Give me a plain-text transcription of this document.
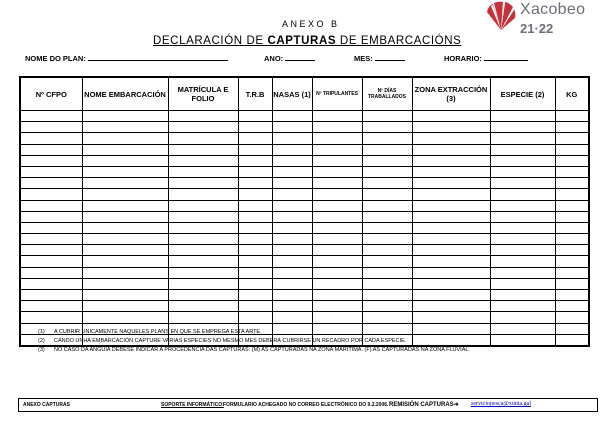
ANEXO B
DECLARACIÓN DE CAPTURAS DE EMBARCACIÓNS
Xacobeo
21·22
NOME DO PLAN:	ANO:	MES:	HORARIO:
Nº CFPO	NOME EMBARCACIÓN	MATRÍCULA E FOLIO	T.R.B	NASAS (1)	Nº TRIPULANTES	Nº DÍAS TRABALLADOS	ZONA EXTRACCIÓN (3)	ESPECIE (2)	KG

(1) A CUBRIR UNICAMENTE NAQUELES PLANS EN QUE SE EMPREGA ESTA ARTE.
(2) CANDO UNHA EMBARCACIÓN CAPTURE VARIAS ESPECIES NO MESMO MES DEBERÁ CUBRIRSE UN RECADRO POR CADA ESPECIE.
(3) NO CASO DA ANGUÍA DEBESE INDICAR A PROCEDENCIA DAS CAPTURAS: (M) AS CAPTURADAS NA ZONA MARÍTIMA. (F) AS CAPTURADAS NA ZONA FLUVIAL.
ANEXO CAPTURAS	SOPORTE INFORMÁTICO: FORMULARIO ACHEGADO NO CORREO ELECTRÓNICO DO 9.2.2006. REMISIÓN CAPTURAS➔ serviciopesca@xunta.gal
